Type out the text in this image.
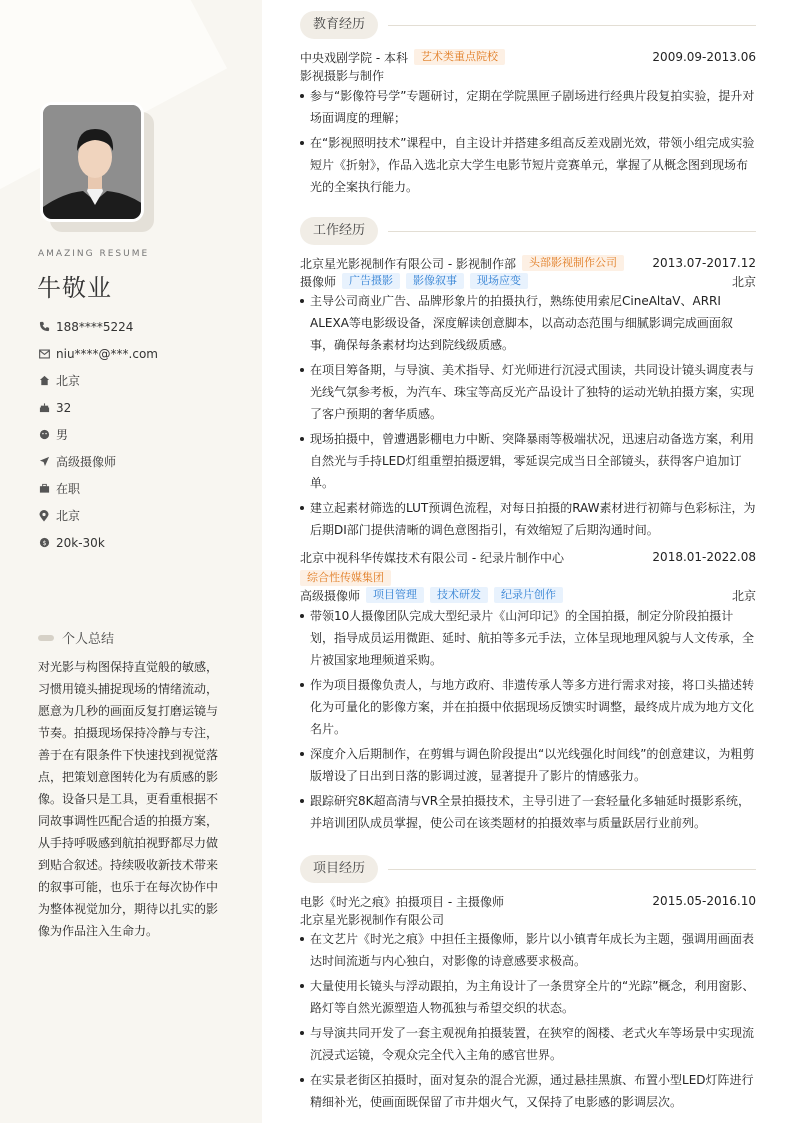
AMAZING RESUME
牛敬业
188****5224
niu****@***.com
北京
32
男
高级摄像师
在职
北京
$ 20k-30k
个人总结
对光影与构图保持直觉般的敏感，习惯用镜头捕捉现场的情绪流动，愿意为几秒的画面反复打磨运镜与节奏。拍摄现场保持冷静与专注，善于在有限条件下快速找到视觉落点，把策划意图转化为有质感的影像。设备只是工具，更看重根据不同故事调性匹配合适的拍摄方案，从手持呼吸感到航拍视野都尽力做到贴合叙述。持续吸收新技术带来的叙事可能，也乐于在每次协作中为整体视觉加分，期待以扎实的影像为作品注入生命力。
教育经历
中央戏剧学院 - 本科	艺术类重点院校	2009.09-2013.06
影视摄影与制作
参与“影像符号学”专题研讨，定期在学院黑匣子剧场进行经典片段复拍实验，提升对场面调度的理解；
在“影视照明技术”课程中，自主设计并搭建多组高反差戏剧光效，带领小组完成实验短片《折射》，作品入选北京大学生电影节短片竞赛单元，掌握了从概念图到现场布光的全案执行能力。
工作经历
北京星光影视制作有限公司 - 影视制作部	头部影视制作公司	2013.07-2017.12
摄像师	广告摄影	影像叙事	现场应变	北京
主导公司商业广告、品牌形象片的拍摄执行，熟练使用索尼CineAltaV、ARRI ALEXA等电影级设备，深度解读创意脚本，以高动态范围与细腻影调完成画面叙事，确保每条素材均达到院线级质感。
在项目筹备期，与导演、美术指导、灯光师进行沉浸式围读，共同设计镜头调度表与光线气氛参考板，为汽车、珠宝等高反光产品设计了独特的运动光轨拍摄方案，实现了客户预期的奢华质感。
现场拍摄中，曾遭遇影棚电力中断、突降暴雨等极端状况，迅速启动备选方案，利用自然光与手持LED灯组重塑拍摄逻辑，零延误完成当日全部镜头，获得客户追加订单。
建立起素材筛选的LUT预调色流程，对每日拍摄的RAW素材进行初筛与色彩标注，为后期DI部门提供清晰的调色意图指引，有效缩短了后期沟通时间。
北京中视科华传媒技术有限公司 - 纪录片制作中心	2018.01-2022.08
综合性传媒集团
高级摄像师	项目管理	技术研发	纪录片创作	北京
带领10人摄像团队完成大型纪录片《山河印记》的全国拍摄，制定分阶段拍摄计划，指导成员运用微距、延时、航拍等多元手法，立体呈现地理风貌与人文传承，全片被国家地理频道采购。
作为项目摄像负责人，与地方政府、非遗传承人等多方进行需求对接，将口头描述转化为可量化的影像方案，并在拍摄中依据现场反馈实时调整，最终成片成为地方文化名片。
深度介入后期制作，在剪辑与调色阶段提出“以光线强化时间线”的创意建议，为粗剪版增设了日出到日落的影调过渡，显著提升了影片的情感张力。
跟踪研究8K超高清与VR全景拍摄技术，主导引进了一套轻量化多轴延时摄影系统，并培训团队成员掌握，使公司在该类题材的拍摄效率与质量跃居行业前列。
项目经历
电影《时光之痕》拍摄项目 - 主摄像师	2015.05-2016.10
北京星光影视制作有限公司
在文艺片《时光之痕》中担任主摄像师，影片以小镇青年成长为主题，强调用画面表达时间流逝与内心独白，对影像的诗意感要求极高。
大量使用长镜头与浮动跟拍，为主角设计了一条贯穿全片的“光踪”概念，利用窗影、路灯等自然光源塑造人物孤独与希望交织的状态。
与导演共同开发了一套主观视角拍摄装置，在狭窄的阁楼、老式火车等场景中实现流沉浸式运镜，令观众完全代入主角的感官世界。
在实景老街区拍摄时，面对复杂的混合光源，通过悬挂黑旗、布置小型LED灯阵进行精细补光，使画面既保留了市井烟火气，又保持了电影感的影调层次。
